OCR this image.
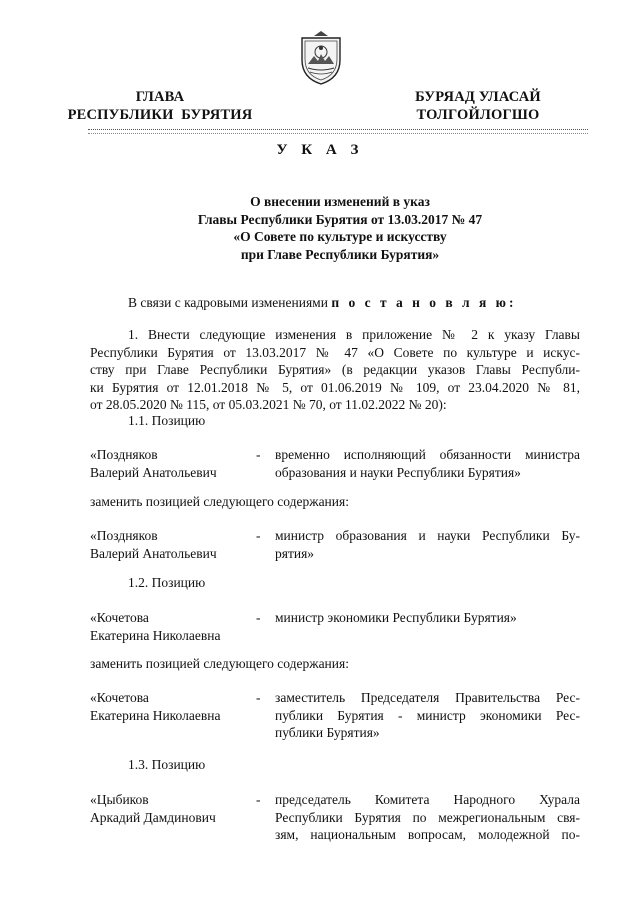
ГЛАВА
РЕСПУБЛИКИ  БУРЯТИЯ
БУРЯАД УЛАСАЙ
ТОЛГОЙЛОГШО
У К А З
О внесении изменений в указ
Главы Республики Бурятия от 13.03.2017 № 47
«О Совете по культуре и искусству
при Главе Республики Бурятия»
В связи с кадровыми изменениями п о с т а н о в л я ю:
1. Внести следующие изменения в приложение № 2 к указу Главы
Республики Бурятия от 13.03.2017 № 47 «О Совете по культуре и искус-
ству при Главе Республики Бурятия» (в редакции указов Главы Республи-
ки Бурятия от 12.01.2018 № 5, от 01.06.2019 № 109, от 23.04.2020 № 81,
от 28.05.2020 № 115, от 05.03.2021 № 70, от 11.02.2022 № 20):
1.1. Позицию
«Поздняков
Валерий Анатольевич
- временно исполняющий обязанности министра
образования и науки Республики Бурятия»
заменить позицией следующего содержания:
«Поздняков
Валерий Анатольевич
- министр образования и науки Республики Бу-
рятия»
1.2. Позицию
«Кочетова
Екатерина Николаевна
- министр экономики Республики Бурятия»
заменить позицией следующего содержания:
«Кочетова
Екатерина Николаевна
- заместитель Председателя Правительства Рес-
публики Бурятия - министр экономики Рес-
публики Бурятия»
1.3. Позицию
«Цыбиков
Аркадий Дамдинович
- председатель Комитета Народного Хурала
Республики Бурятия по межрегиональным свя-
зям, национальным вопросам, молодежной по-
